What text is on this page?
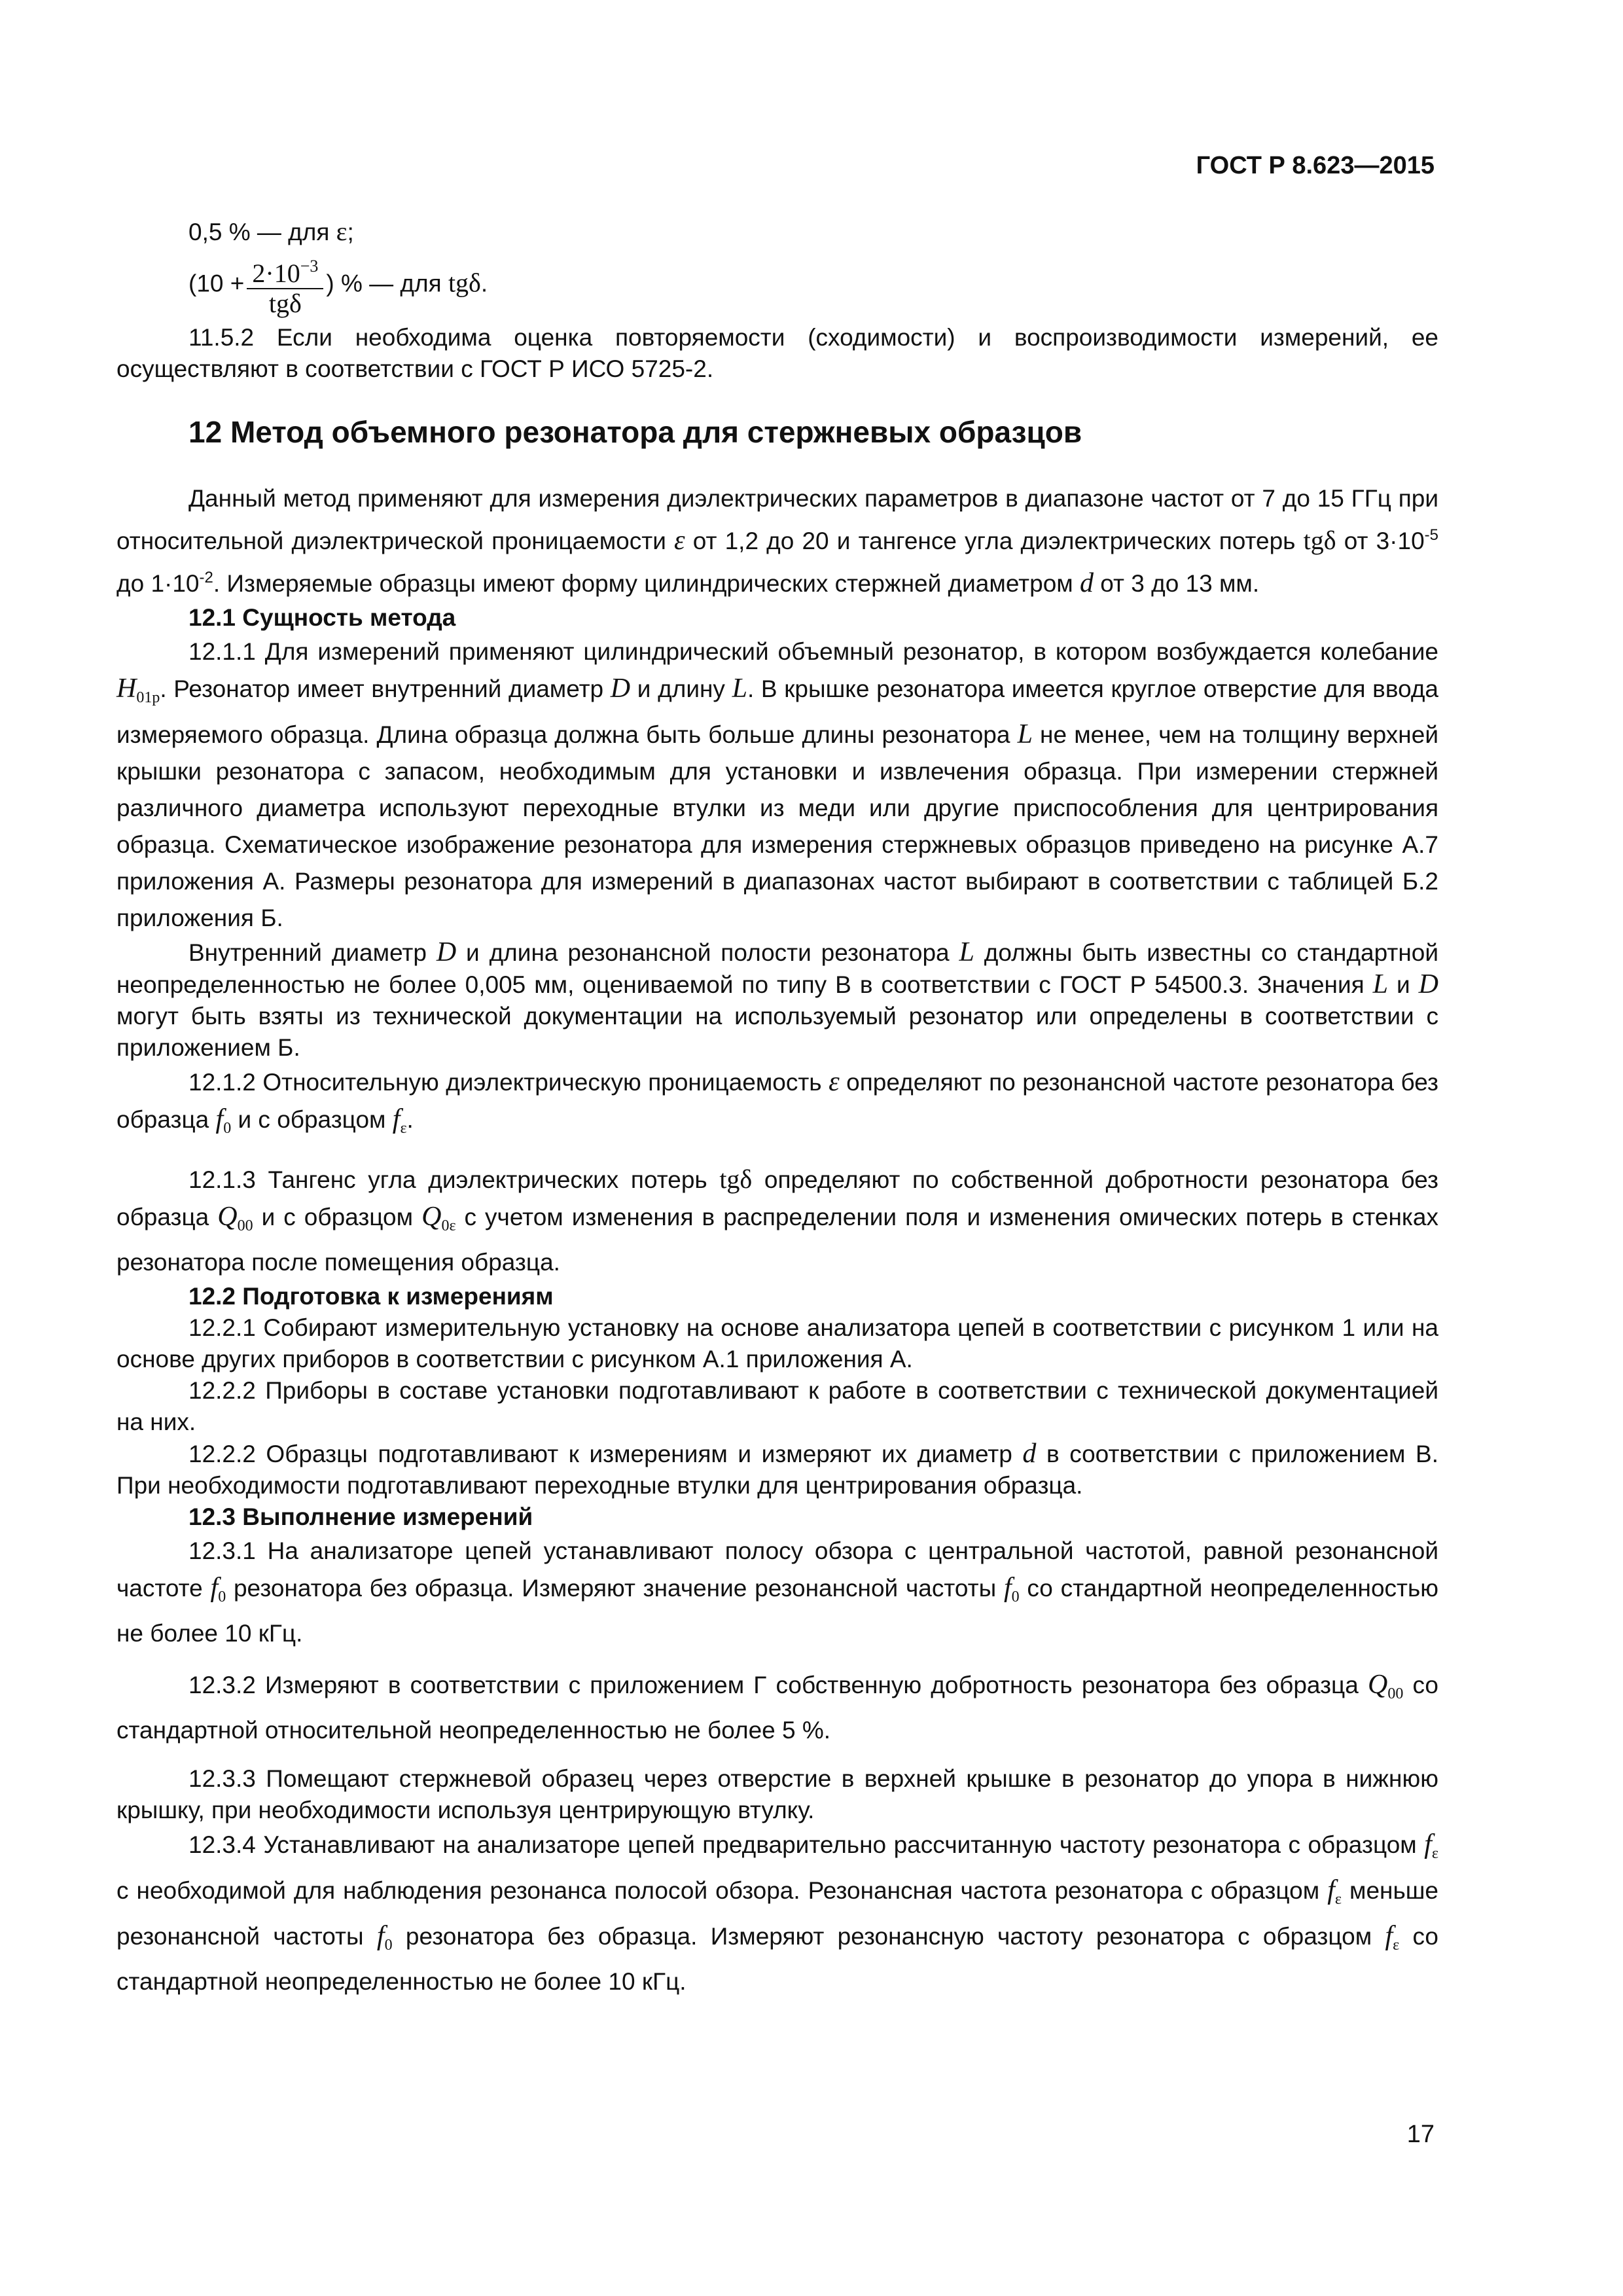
ГОСТ Р 8.623—2015

0,5 % — для ε;

($10 + \frac{2\cdot 10^{-3}}{\text{tgδ}}$ ) % — для tgδ.

11.5.2 Если необходима оценка повторяемости (сходимости) и воспроизводимости измерений, ее осуществляют в соответствии с ГОСТ Р ИСО 5725-2.

12 Метод объемного резонатора для стержневых образцов

Данный метод применяют для измерения диэлектрических параметров в диапазоне частот от 7 до 15 ГГц при относительной диэлектрической проницаемости ε от 1,2 до 20 и тангенсе угла диэлектрических потерь tgδ от $3\cdot 10^{-5}$ до $1\cdot 10^{-2}$. Измеряемые образцы имеют форму цилиндрических стержней диаметром d от 3 до 13 мм.

12.1 Сущность метода

12.1.1 Для измерений применяют цилиндрический объемный резонатор, в котором возбуждается колебание $H_{01p}$. Резонатор имеет внутренний диаметр D и длину L. В крышке резонатора имеется круглое отверстие для ввода измеряемого образца. Длина образца должна быть больше длины резонатора L не менее, чем на толщину верхней крышки резонатора с запасом, необходимым для установки и извлечения образца. При измерении стержней различного диаметра используют переходные втулки из меди или другие приспособления для центрирования образца. Схематическое изображение резонатора для измерения стержневых образцов приведено на рисунке А.7 приложения А. Размеры резонатора для измерений в диапазонах частот выбирают в соответствии с таблицей Б.2 приложения Б.

Внутренний диаметр D и длина резонансной полости резонатора L должны быть известны со стандартной неопределенностью не более 0,005 мм, оцениваемой по типу В в соответствии с ГОСТ Р 54500.3. Значения L и D могут быть взяты из технической документации на используемый резонатор или определены в соответствии с приложением Б.

12.1.2 Относительную диэлектрическую проницаемость ε определяют по резонансной частоте резонатора без образца $f_0$ и с образцом $f_\varepsilon$.

12.1.3 Тангенс угла диэлектрических потерь tgδ определяют по собственной добротности резонатора без образца $Q_{00}$ и с образцом $Q_{0\varepsilon}$ с учетом изменения в распределении поля и изменения омических потерь в стенках резонатора после помещения образца.

12.2 Подготовка к измерениям

12.2.1 Собирают измерительную установку на основе анализатора цепей в соответствии с рисунком 1 или на основе других приборов в соответствии с рисунком А.1 приложения А.

12.2.2 Приборы в составе установки подготавливают к работе в соответствии с технической документацией на них.

12.2.2 Образцы подготавливают к измерениям и измеряют их диаметр d в соответствии с приложением В. При необходимости подготавливают переходные втулки для центрирования образца.

12.3 Выполнение измерений

12.3.1 На анализаторе цепей устанавливают полосу обзора с центральной частотой, равной резонансной частоте $f_0$ резонатора без образца. Измеряют значение резонансной частоты $f_0$ со стандартной неопределенностью не более 10 кГц.

12.3.2 Измеряют в соответствии с приложением Г собственную добротность резонатора без образца $Q_{00}$ со стандартной относительной неопределенностью не более 5 %.

12.3.3 Помещают стержневой образец через отверстие в верхней крышке в резонатор до упора в нижнюю крышку, при необходимости используя центрирующую втулку.

12.3.4 Устанавливают на анализаторе цепей предварительно рассчитанную частоту резонатора с образцом $f_\varepsilon$ с необходимой для наблюдения резонанса полосой обзора. Резонансная частота резонатора с образцом $f_\varepsilon$ меньше резонансной частоты $f_0$ резонатора без образца. Измеряют резонансную частоту резонатора с образцом $f_\varepsilon$ со стандартной неопределенностью не более 10 кГц.

17
